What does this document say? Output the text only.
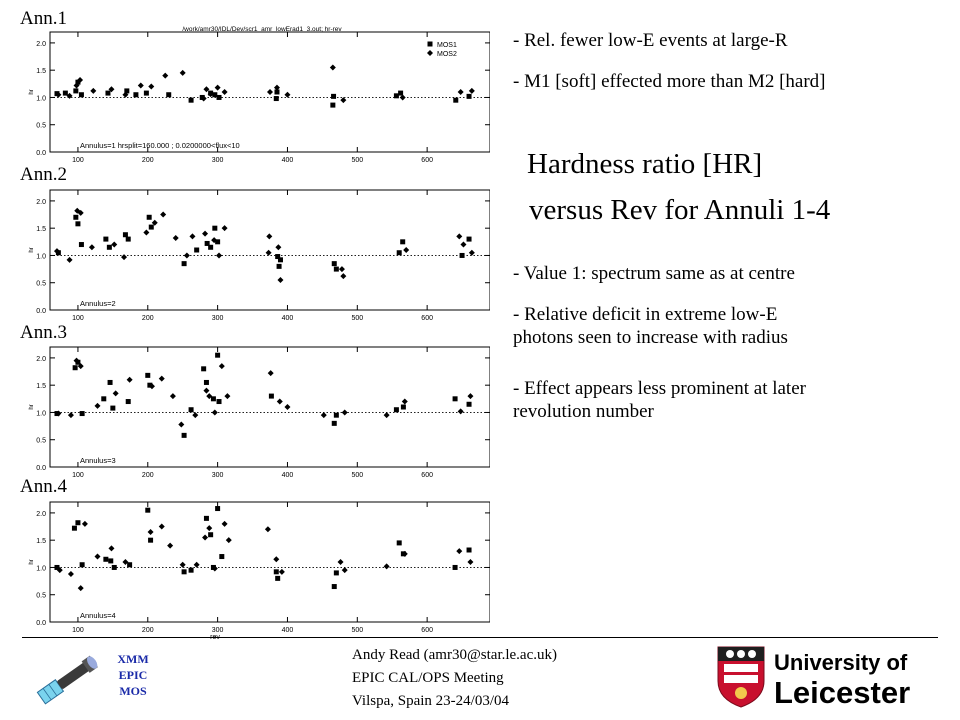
Ann.1
Ann.2
Ann.3
Ann.4
0.0
0.5
1.0
1.5
2.0
100	200	300	400	500	600
hr
/work/amr30/IDL/Dev/scr1_amr_lowErad1_3.out; hr-rev
Annulus=1 hrsplit=160.000 ; 0.0200000<flux<10
MOS1
MOS2
0.0
0.5
1.0
1.5
2.0
100	200	300	400	500	600
hr
Annulus=2
0.0
0.5
1.0
1.5
2.0
100	200	300	400	500	600
hr
Annulus=3
0.0
0.5
1.0
1.5
2.0
100	200	300	400	500	600
hr
rev
Annulus=4
- Rel. fewer low-E events at large-R
- M1 [soft] effected more than M2 [hard]
Hardness ratio [HR]
versus Rev for Annuli 1-4
- Value 1: spectrum same as at centre
- Relative deficit in extreme low-E
photons seen to increase with radius
- Effect appears less prominent at later
revolution number
XMM
EPIC
MOS
Andy Read (amr30@star.le.ac.uk)
EPIC CAL/OPS Meeting
Vilspa, Spain 23-24/03/04
University of
Leicester
